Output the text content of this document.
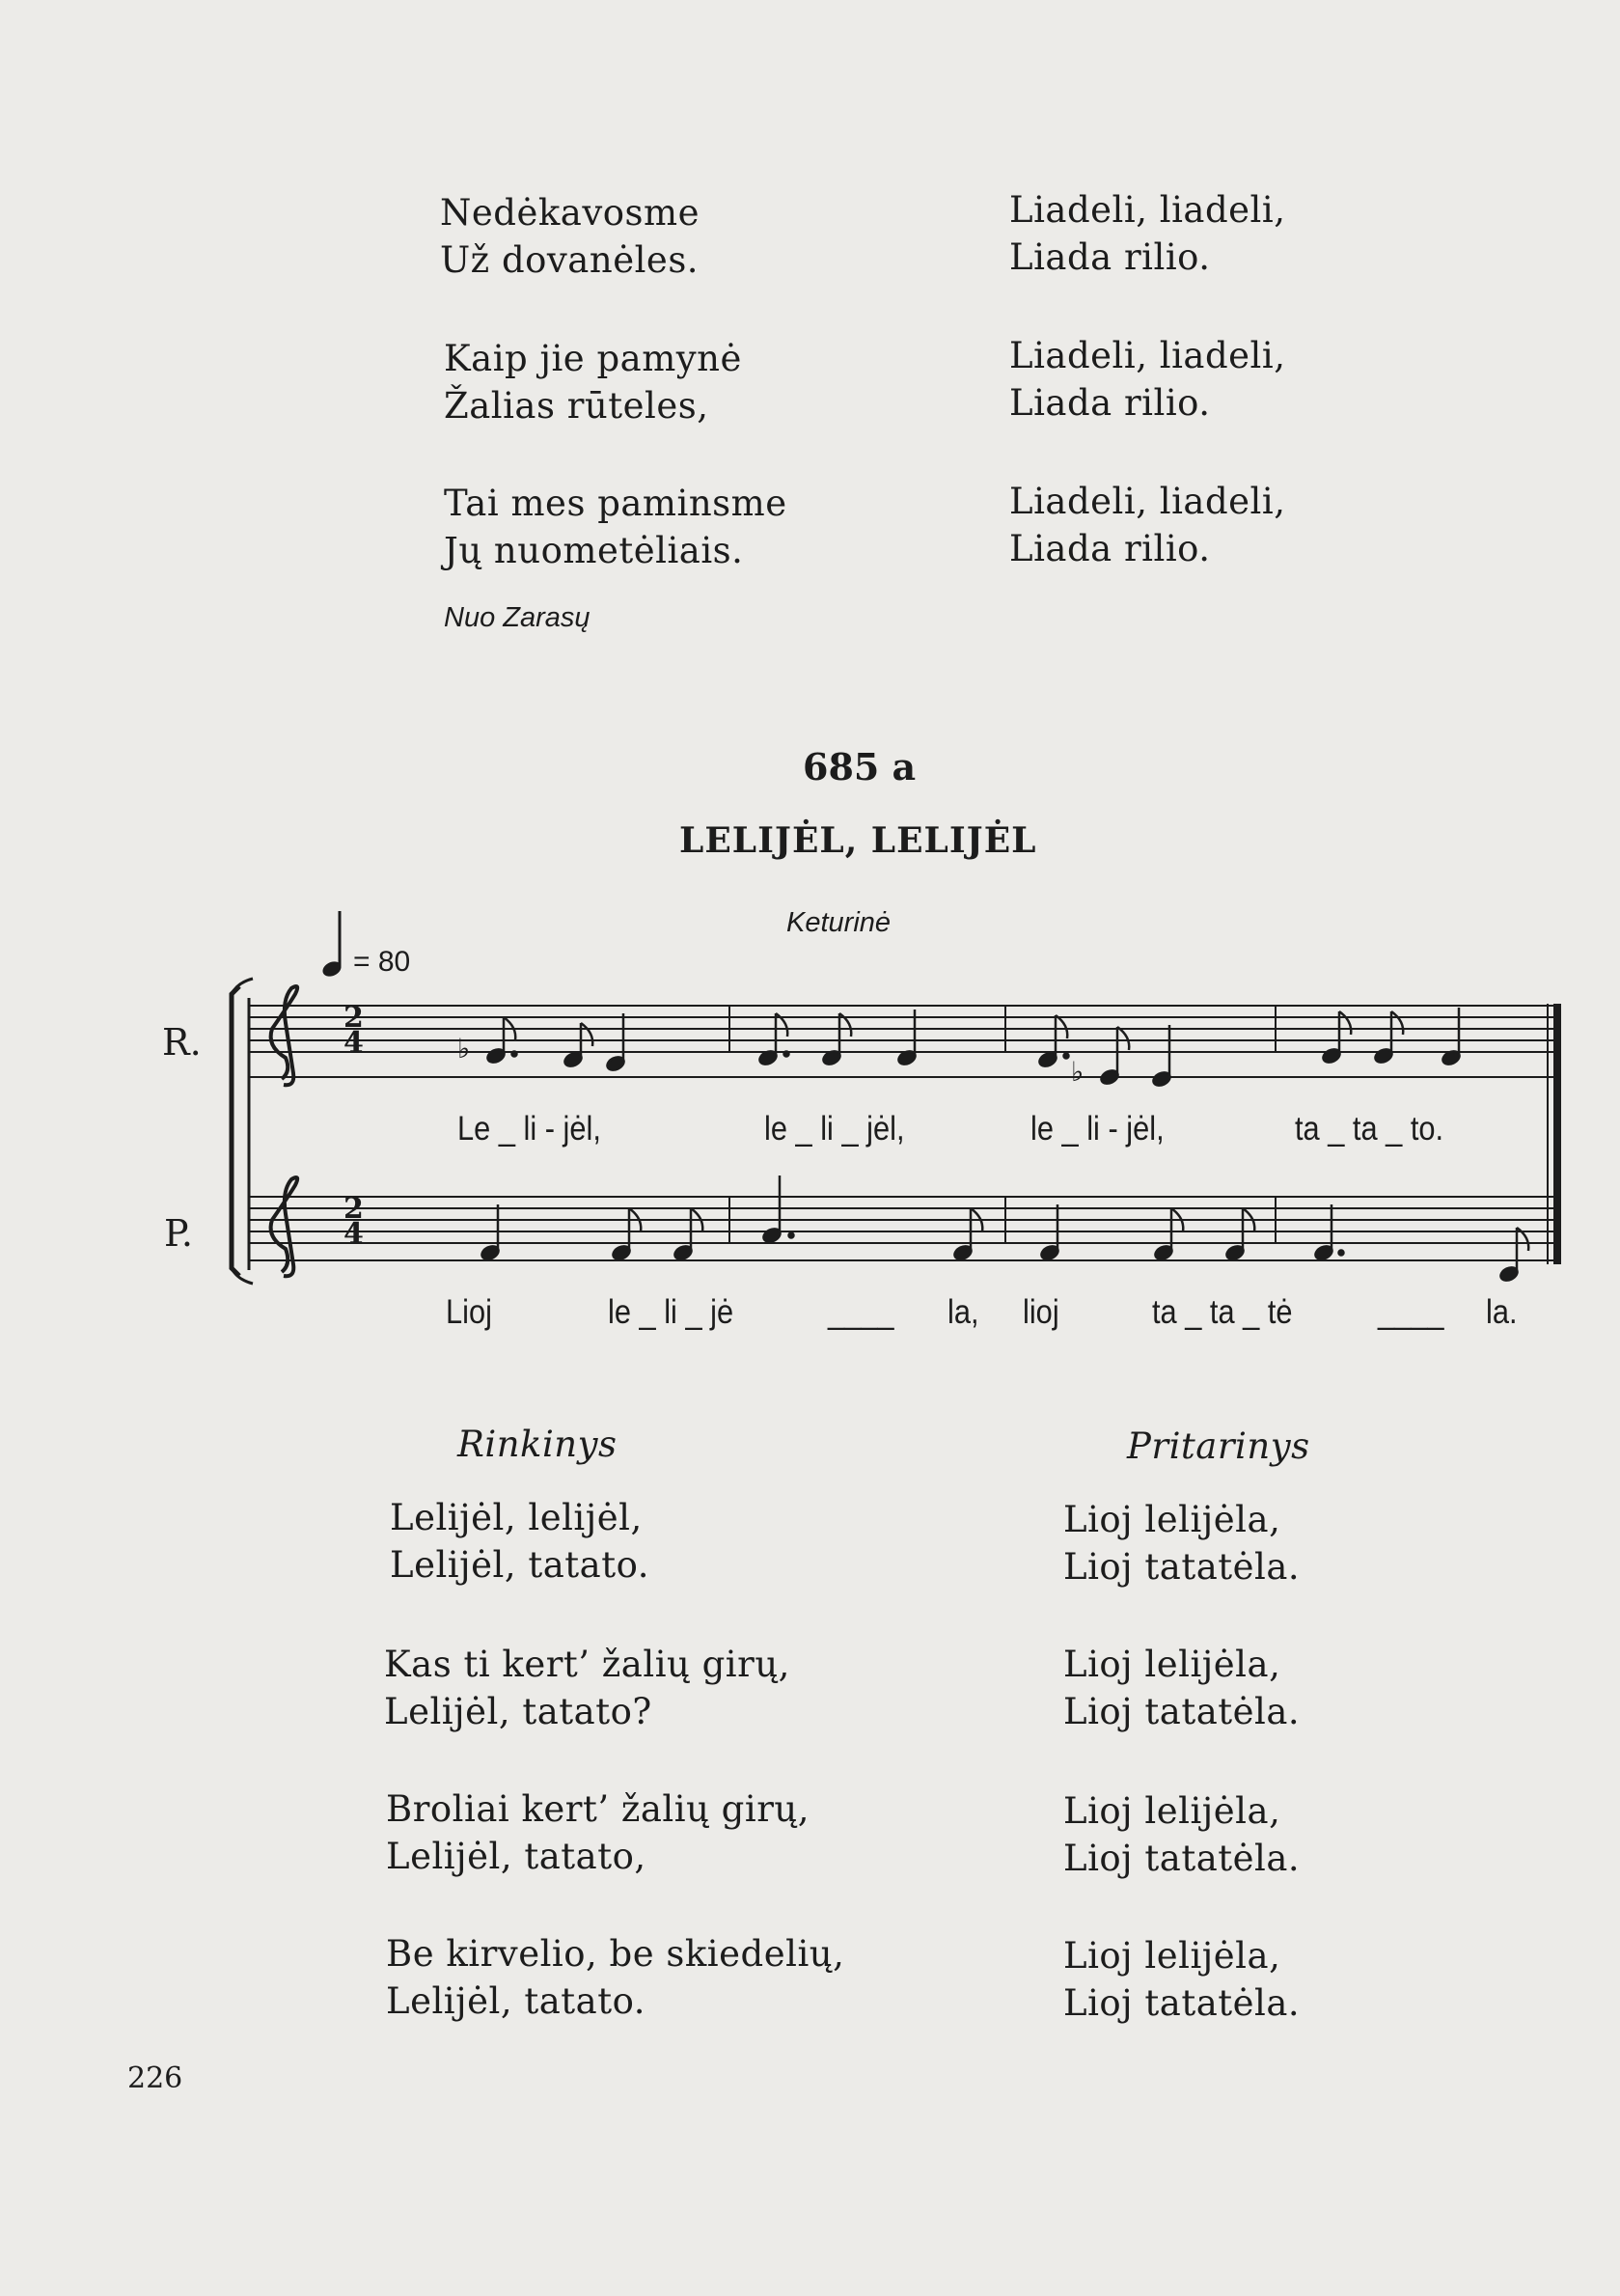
Nedėkavosme
Už dovanėles.
Liadeli, liadeli,
Liada rilio.
Kaip jie pamynė
Žalias rūteles,
Liadeli, liadeli,
Liada rilio.
Tai mes paminsme
Jų nuometėliais.
Liadeli, liadeli,
Liada rilio.
Nuo Zarasų
685 a
LELIJĖL, LELIJĖL
Keturinė
= 80
R.
P.
2
4
2
4
♭
♭
Le _ li - jėl,	le _ li _ jėl,	le _ li - jėl,	ta _ ta _ to.
Lioj	le _ li _ jė	____ la, lioj	ta _ ta _ tė	____ la.
Rinkinys	Pritarinys
Lelijėl, lelijėl,
Lelijėl, tatato.
Lioj lelijėla,
Lioj tatatėla.
Kas ti kert’ žalių girų,
Lelijėl, tatato?
Lioj lelijėla,
Lioj tatatėla.
Broliai kert’ žalių girų,
Lelijėl, tatato,
Lioj lelijėla,
Lioj tatatėla.
Be kirvelio, be skiedelių,
Lelijėl, tatato.
Lioj lelijėla,
Lioj tatatėla.
226
